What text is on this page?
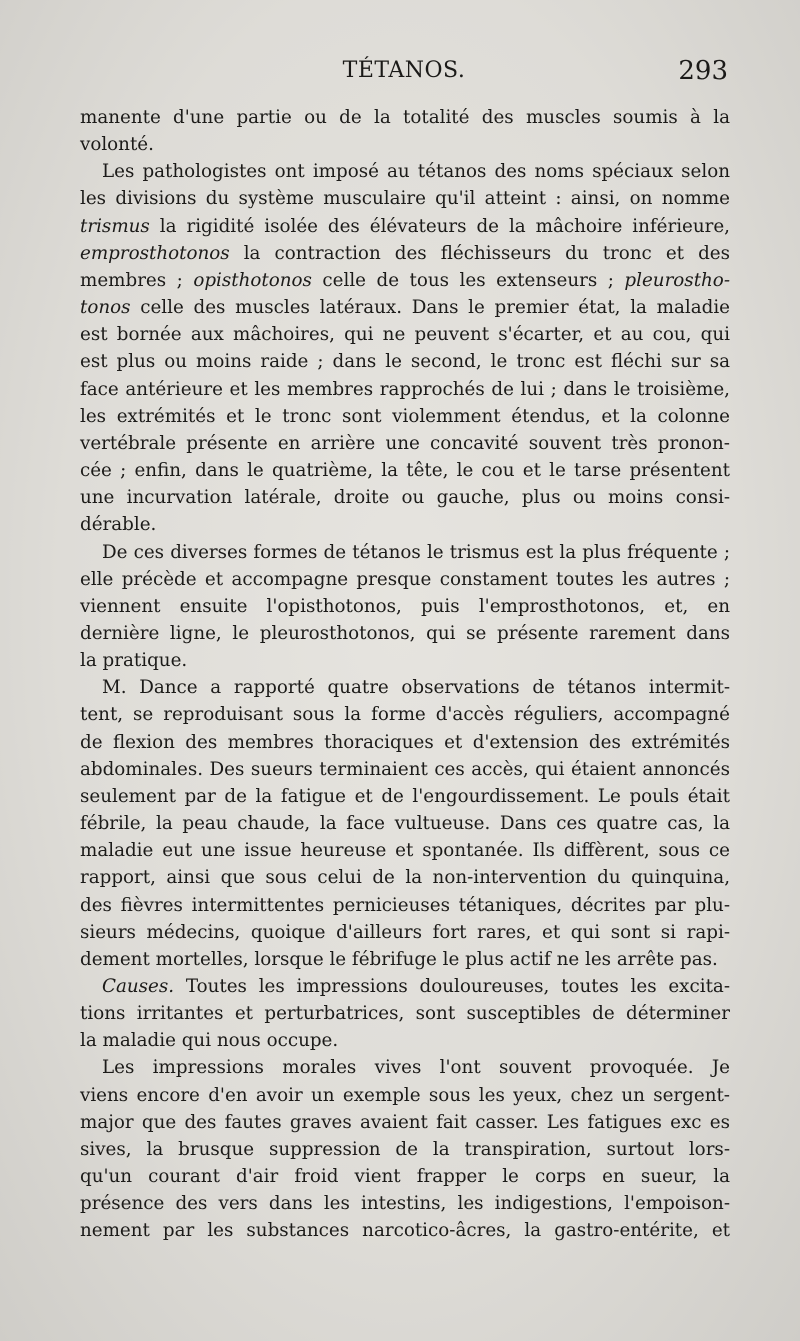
TÉTANOS.	293

manente d'une partie ou de la totalité des muscles soumis à la
volonté.

Les pathologistes ont imposé au tétanos des noms spéciaux selon
les divisions du système musculaire qu'il atteint : ainsi, on nomme
trismus la rigidité isolée des élévateurs de la mâchoire inférieure,
emprosthotonos la contraction des fléchisseurs du tronc et des
membres ; opisthotonos celle de tous les extenseurs ; pleurostho-
tonos celle des muscles latéraux. Dans le premier état, la maladie
est bornée aux mâchoires, qui ne peuvent s'écarter, et au cou, qui
est plus ou moins raide ; dans le second, le tronc est fléchi sur sa
face antérieure et les membres rapprochés de lui ; dans le troisième,
les extrémités et le tronc sont violemment étendus, et la colonne
vertébrale présente en arrière une concavité souvent très pronon-
cée ; enfin, dans le quatrième, la tête, le cou et le tarse présentent
une incurvation latérale, droite ou gauche, plus ou moins consi-
dérable.

De ces diverses formes de tétanos le trismus est la plus fréquente ;
elle précède et accompagne presque constament toutes les autres ;
viennent ensuite l'opisthotonos, puis l'emprosthotonos, et, en
dernière ligne, le pleurosthotonos, qui se présente rarement dans
la pratique.

M. Dance a rapporté quatre observations de tétanos intermit-
tent, se reproduisant sous la forme d'accès réguliers, accompagné
de flexion des membres thoraciques et d'extension des extrémités
abdominales. Des sueurs terminaient ces accès, qui étaient annoncés
seulement par de la fatigue et de l'engourdissement. Le pouls était
fébrile, la peau chaude, la face vultueuse. Dans ces quatre cas, la
maladie eut une issue heureuse et spontanée. Ils diffèrent, sous ce
rapport, ainsi que sous celui de la non-intervention du quinquina,
des fièvres intermittentes pernicieuses tétaniques, décrites par plu-
sieurs médecins, quoique d'ailleurs fort rares, et qui sont si rapi-
dement mortelles, lorsque le fébrifuge le plus actif ne les arrête pas.

Causes. Toutes les impressions douloureuses, toutes les excita-
tions irritantes et perturbatrices, sont susceptibles de déterminer
la maladie qui nous occupe.

Les impressions morales vives l'ont souvent provoquée. Je
viens encore d'en avoir un exemple sous les yeux, chez un sergent-
major que des fautes graves avaient fait casser. Les fatigues exc es
sives, la brusque suppression de la transpiration, surtout lors-
qu'un courant d'air froid vient frapper le corps en sueur, la
présence des vers dans les intestins, les indigestions, l'empoison-
nement par les substances narcotico-âcres, la gastro-entérite, et
